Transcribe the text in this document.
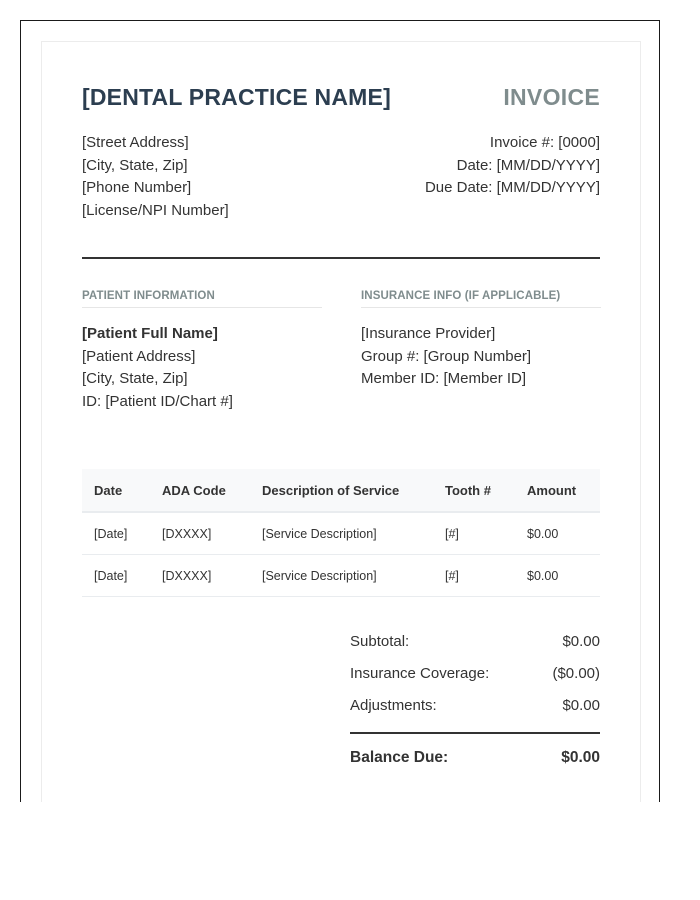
[DENTAL PRACTICE NAME]	INVOICE
[Street Address]
[City, State, Zip]
[Phone Number]
[License/NPI Number]
Invoice #: [0000]
Date: [MM/DD/YYYY]
Due Date: [MM/DD/YYYY]
PATIENT INFORMATION	INSURANCE INFO (IF APPLICABLE)
[Patient Full Name]
[Patient Address]
[City, State, Zip]
ID: [Patient ID/Chart #]
[Insurance Provider]
Group #: [Group Number]
Member ID: [Member ID]
Date	ADA Code	Description of Service	Tooth #	Amount
[Date]	[DXXXX]	[Service Description]	[#]	$0.00
[Date]	[DXXXX]	[Service Description]	[#]	$0.00
Subtotal:	$0.00
Insurance Coverage:	($0.00)
Adjustments:	$0.00
Balance Due:	$0.00
